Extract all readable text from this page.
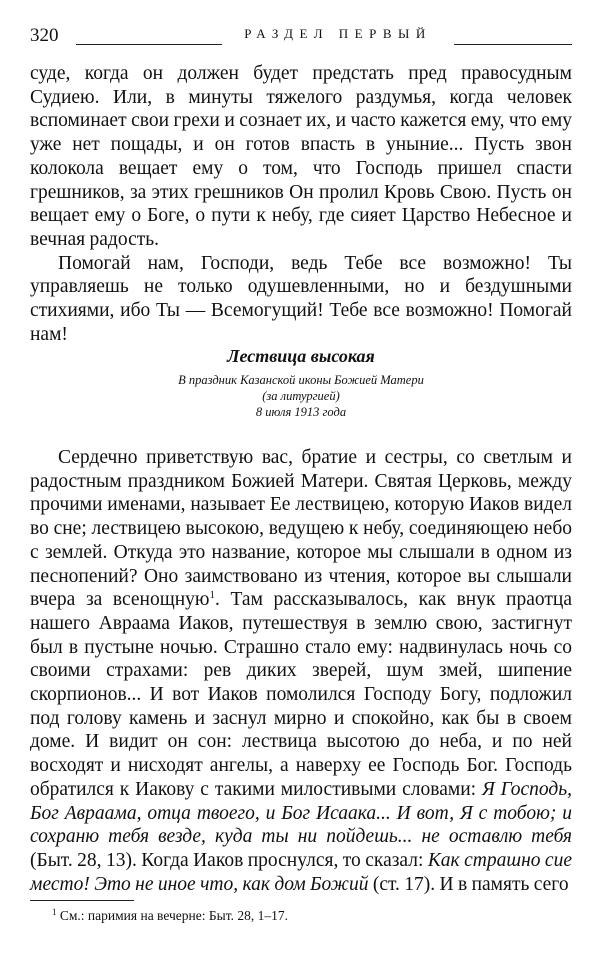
320	РАЗДЕЛ ПЕРВЫЙ

суде, когда он должен будет предстать пред правосудным Судиею. Или, в минуты тяжелого раздумья, когда человек вспоминает свои грехи и сознает их, и часто кажется ему, что ему уже нет пощады, и он готов впасть в уныние... Пусть звон колокола вещает ему о том, что Господь пришел спасти грешников, за этих грешников Он пролил Кровь Свою. Пусть он вещает ему о Боге, о пути к небу, где сияет Царство Небесное и вечная радость.

Помогай нам, Господи, ведь Тебе все возможно! Ты управляешь не только одушевленными, но и бездушными стихиями, ибо Ты — Всемогущий! Тебе все возможно! Помогай нам!

Лествица высокая

В праздник Казанской иконы Божией Матери

(за литургией)

8 июля 1913 года

Сердечно приветствую вас, братие и сестры, со светлым и радостным праздником Божией Матери. Святая Церковь, между прочими именами, называет Ее лествицею, которую Иаков видел во сне; лествицею высокою, ведущею к небу, соединяющею небо с землей. Откуда это название, которое мы слышали в одном из песнопений? Оно заимствовано из чтения, которое вы слышали вчера за всенощную$^1$. Там рассказывалось, как внук праотца нашего Авраама Иаков, путешествуя в землю свою, застигнут был в пустыне ночью. Страшно стало ему: надвинулась ночь со своими страхами: рев диких зверей, шум змей, шипение скорпионов... И вот Иаков помолился Господу Богу, подложил под голову камень и заснул мирно и спокойно, как бы в своем доме. И видит он сон: лествица высотою до неба, и по ней восходят и нисходят ангелы, а наверху ее Господь Бог. Господь обратился к Иакову с такими милостивыми словами: Я Господь, Бог Авраама, отца твоего, и Бог Исаака... И вот, Я с тобою; и сохраню тебя везде, куда ты ни пойдешь... не оставлю тебя (Быт. 28, 13). Когда Иаков проснулся, то сказал: Как страшно сие место! Это не иное что, как дом Божий (ст. 17). И в память сего

$^1$ См.: паримия на вечерне: Быт. 28, 1–17.
